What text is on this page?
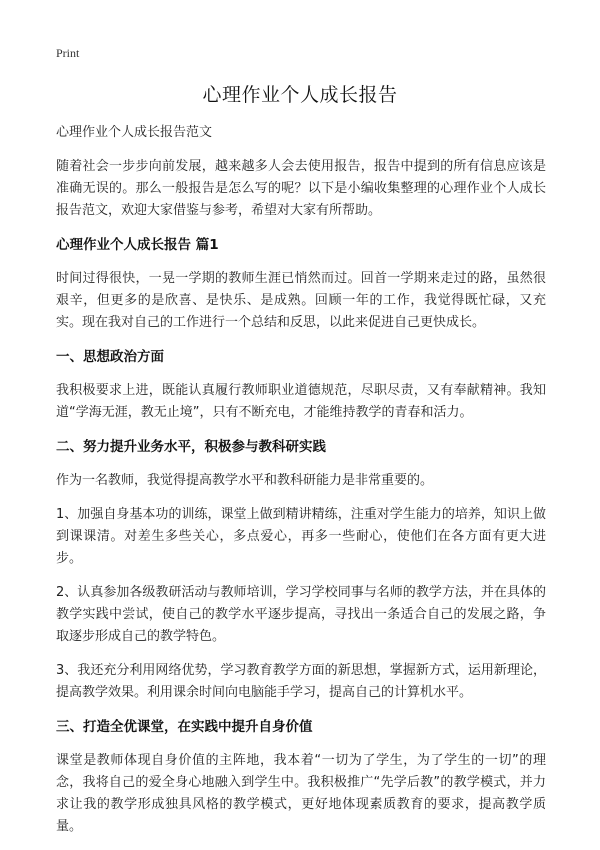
Print
心理作业个人成长报告

心理作业个人成长报告范文

随着社会一步步向前发展，越来越多人会去使用报告，报告中提到的所有信息应该是准确无误的。那么一般报告是怎么写的呢？以下是小编收集整理的心理作业个人成长报告范文，欢迎大家借鉴与参考，希望对大家有所帮助。

心理作业个人成长报告 篇1

时间过得很快，一晃一学期的教师生涯已悄然而过。回首一学期来走过的路，虽然很艰辛，但更多的是欣喜、是快乐、是成熟。回顾一年的工作，我觉得既忙碌，又充实。现在我对自己的工作进行一个总结和反思，以此来促进自己更快成长。

一、思想政治方面

我积极要求上进，既能认真履行教师职业道德规范，尽职尽责，又有奉献精神。我知道“学海无涯，教无止境”，只有不断充电，才能维持教学的青春和活力。

二、努力提升业务水平，积极参与教科研实践

作为一名教师，我觉得提高教学水平和教科研能力是非常重要的。

1、加强自身基本功的训练，课堂上做到精讲精练，注重对学生能力的培养，知识上做到课课清。对差生多些关心，多点爱心，再多一些耐心，使他们在各方面有更大进步。

2、认真参加各级教研活动与教师培训，学习学校同事与名师的教学方法，并在具体的教学实践中尝试，使自己的教学水平逐步提高，寻找出一条适合自己的发展之路，争取逐步形成自己的教学特色。

3、我还充分利用网络优势，学习教育教学方面的新思想，掌握新方式，运用新理论，提高教学效果。利用课余时间向电脑能手学习，提高自己的计算机水平。

三、打造全优课堂，在实践中提升自身价值

课堂是教师体现自身价值的主阵地，我本着“一切为了学生，为了学生的一切”的理念，我将自己的爱全身心地融入到学生中。我积极推广“先学后教”的教学模式，并力求让我的教学形成独具风格的教学模式，更好地体现素质教育的要求，提高教学质量。
